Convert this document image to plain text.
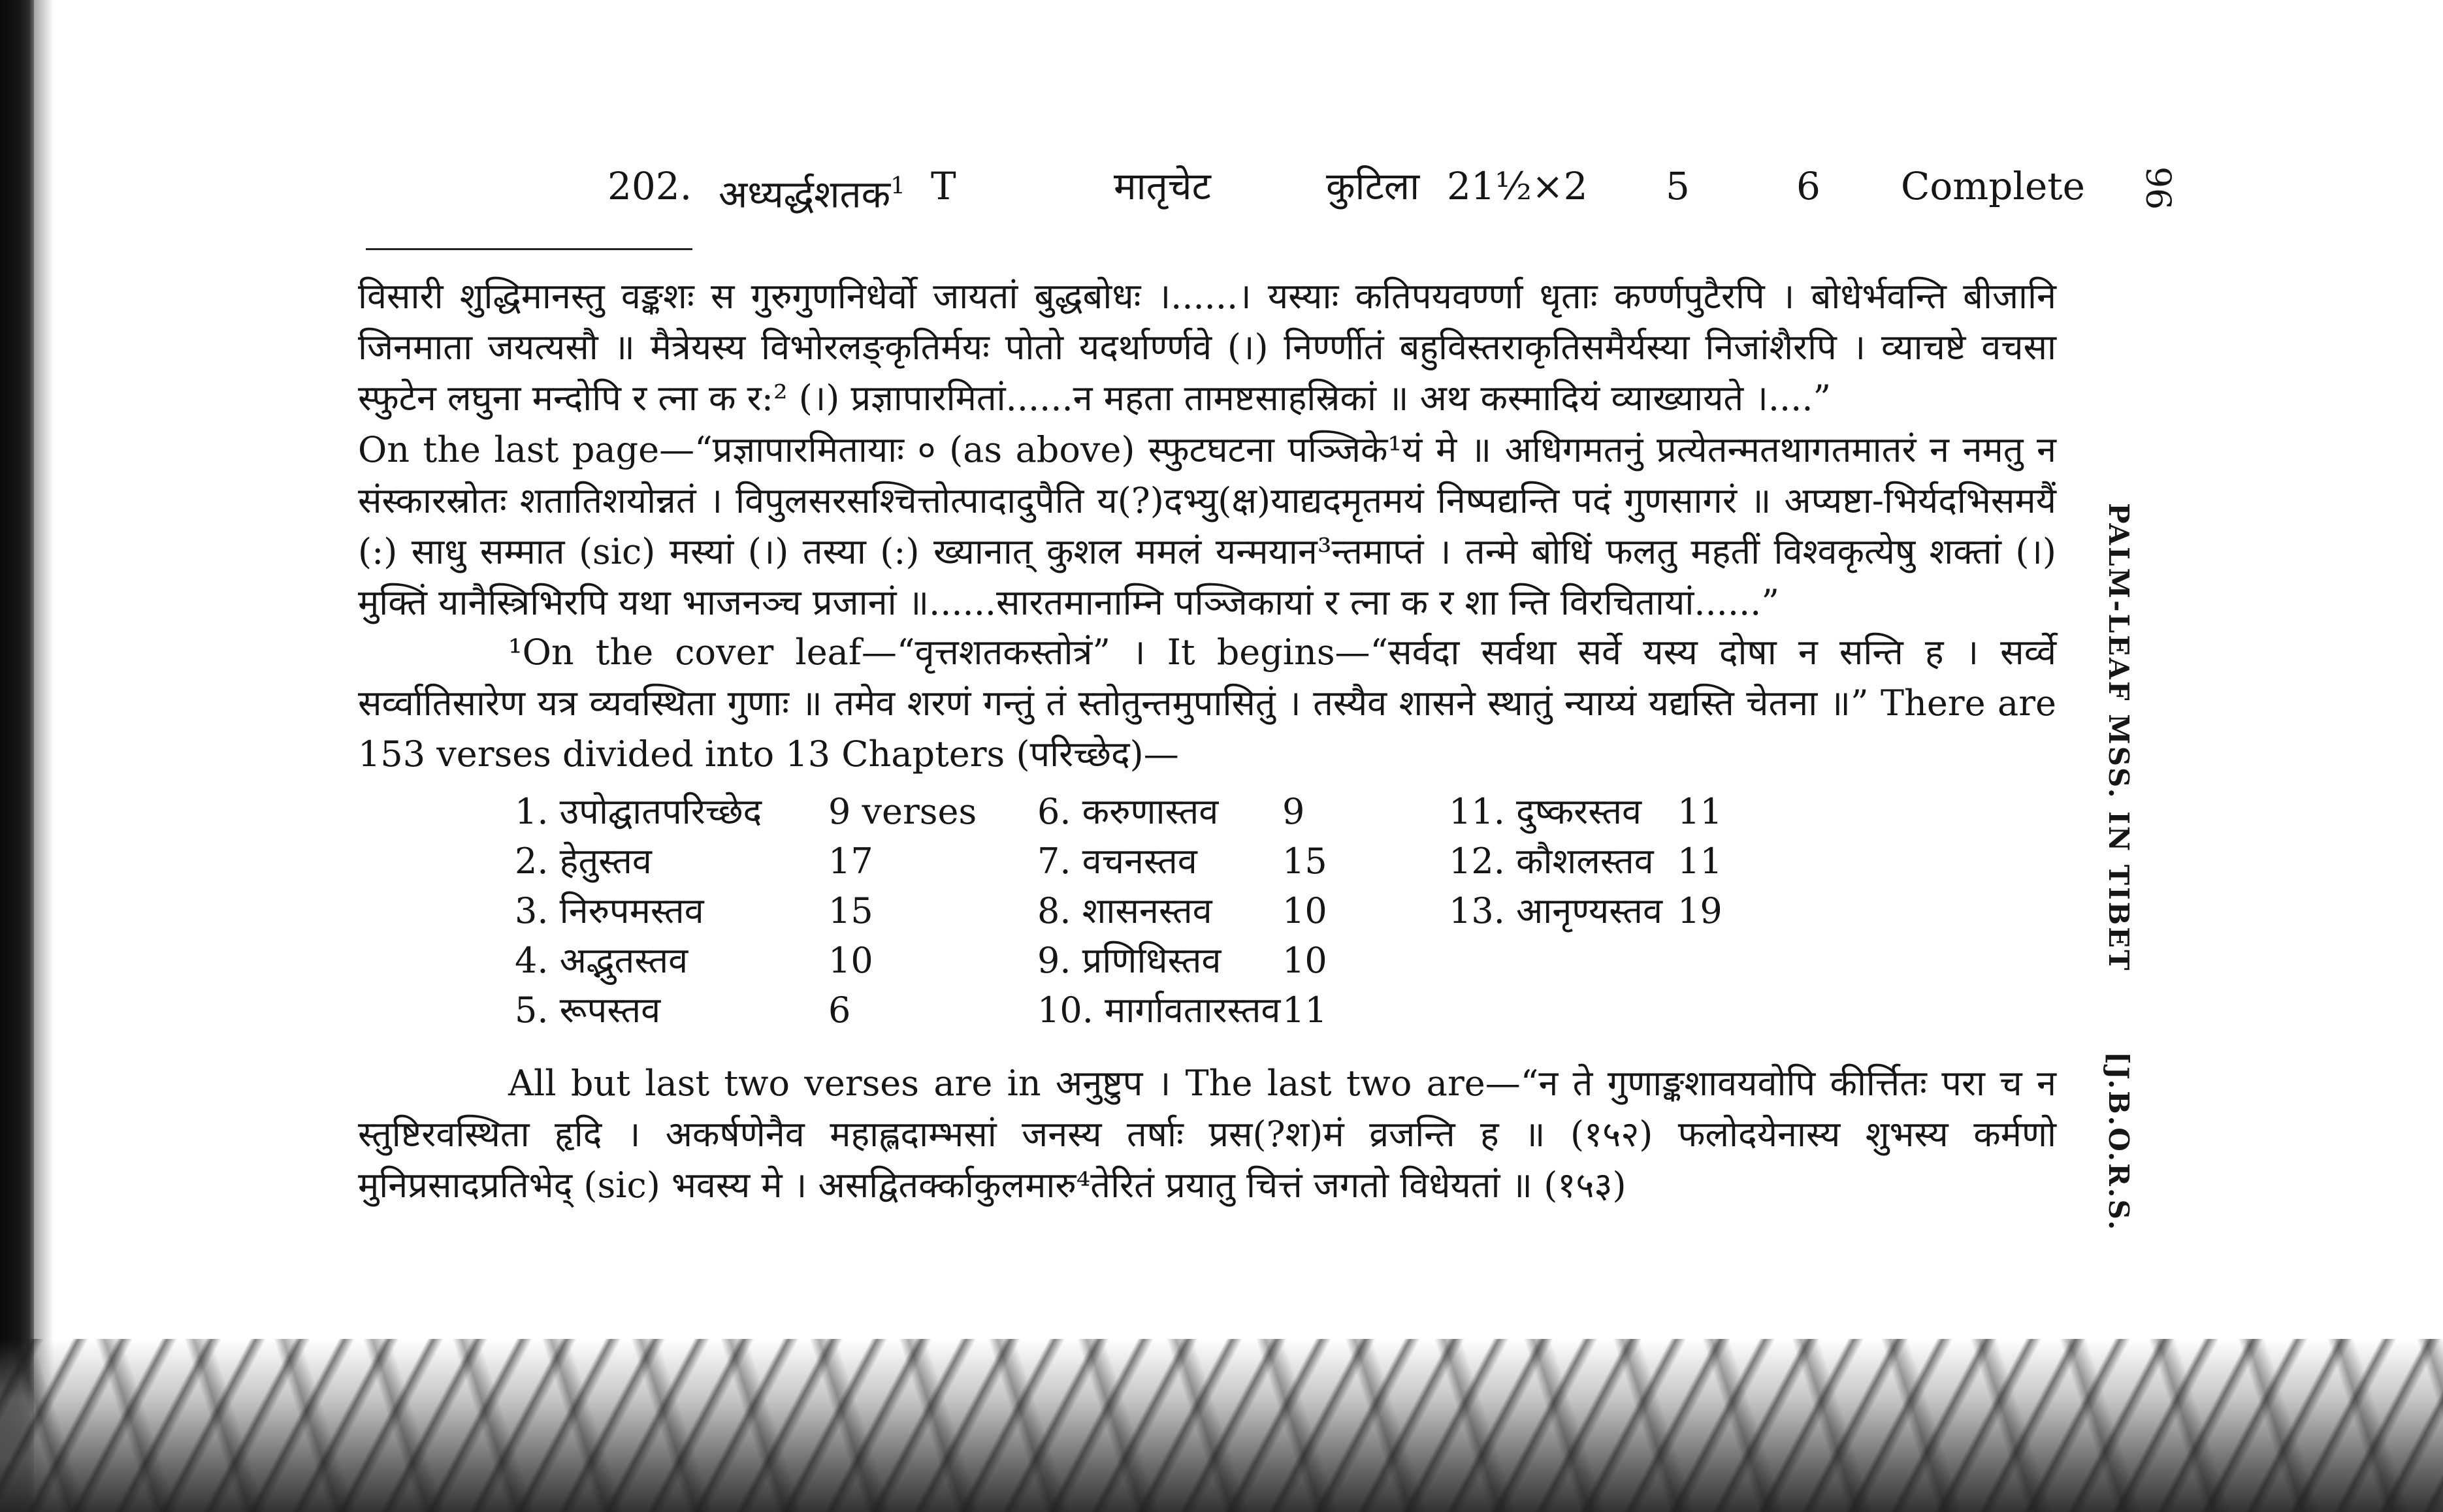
202. अध्यर्द्धशतक$^1$ T	मातृचेट	कुटिला 21½×2 5	6 Complete 96

विसारी शुद्धिमानस्तु वङ्कशः स गुरुगुणनिधेर्वो जायतां बुद्धबोधः ।......। यस्याः कतिपयवर्ण्णा धृताः कर्ण्णपुटैरपि । बोधेर्भवन्ति बीजानि जिनमाता जयत्यसौ ॥ मैत्रेयस्य विभोरलङ्कृतिर्मयः पोतो यदर्थार्ण्णवे (।) निर्ण्णीतं बहुविस्तराकृतिसमैर्यस्या निजांशैरपि । व्याचष्टे वचसा स्फुटेन लघुना मन्दोपि र त्ना क र:² (।) प्रज्ञापारमितां......न महता तामष्टसाहस्रिकां ॥ अथ कस्मादियं व्याख्यायते ।....”

On the last page—“प्रज्ञापारमितायाः ० (as above) स्फुटघटना पञ्जिके¹यं मे ॥ अधिगमतनुं प्रत्येतन्मतथागतमातरं न नमतु न संस्कारस्रोतः शतातिशयोन्नतं । विपुलसरसश्चित्तोत्पादादुपैति य(?)दभ्यु(क्ष)याद्यदमृतमयं निष्पद्यन्ति पदं गुणसागरं ॥ अप्यष्टा-भिर्यदभिसमयैं (:) साधु सम्मात (sic) मस्यां (।) तस्या (:) ख्यानात् कुशल ममलं यन्मयान³न्तमाप्तं । तन्मे बोधिं फलतु महतीं विश्वकृत्येषु शक्तां (।) मुक्तिं यानैस्त्रिभिरपि यथा भाजनञ्च प्रजानां ॥......सारतमानाम्नि पञ्जिकायां र त्ना क र शा न्ति विरचितायां......”

¹On the cover leaf—“वृत्तशतकस्तोत्रं” । It begins—“सर्वदा सर्वथा सर्वे यस्य दोषा न सन्ति ह । सर्व्वे सर्व्वातिसारेण यत्र व्यवस्थिता गुणाः ॥ तमेव शरणं गन्तुं तं स्तोतुन्तमुपासितुं । तस्यैव शासने स्थातुं न्याय्यं यद्यस्ति चेतना ॥” There are 153 verses divided into 13 Chapters (परिच्छेद)—

1. उपोद्घातपरिच्छेद 9 verses 6. करुणास्तव 9	11. दुष्करस्तव 11
2. हेतुस्तव	17	7. वचनस्तव 15	12. कौशलस्तव 11
3. निरुपमस्तव	15	8. शासनस्तव 10	13. आनृण्यस्तव 19
4. अद्भुतस्तव	10	9. प्रणिधिस्तव 10
5. रूपस्तव	6	10. मार्गावतारस्तव 11

All but last two verses are in अनुष्टुप । The last two are—“न ते गुणाङ्कशावयवोपि कीर्त्तितः परा च न स्तुष्टिरवस्थिता हृदि । अकर्षणेनैव महाह्लदाम्भसां जनस्य तर्षाः प्रस(?श)मं व्रजन्ति ह ॥ (१५२) फलोदयेनास्य शुभस्य कर्मणो मुनिप्रसादप्रतिभेद् (sic) भवस्य मे । असद्वितर्क्काकुलमारु⁴तेरितं प्रयातु चित्तं जगतो विधेयतां ॥ (१५३)

PALM-LEAF MSS. IN TIBET
[J.B.O.R.S.
